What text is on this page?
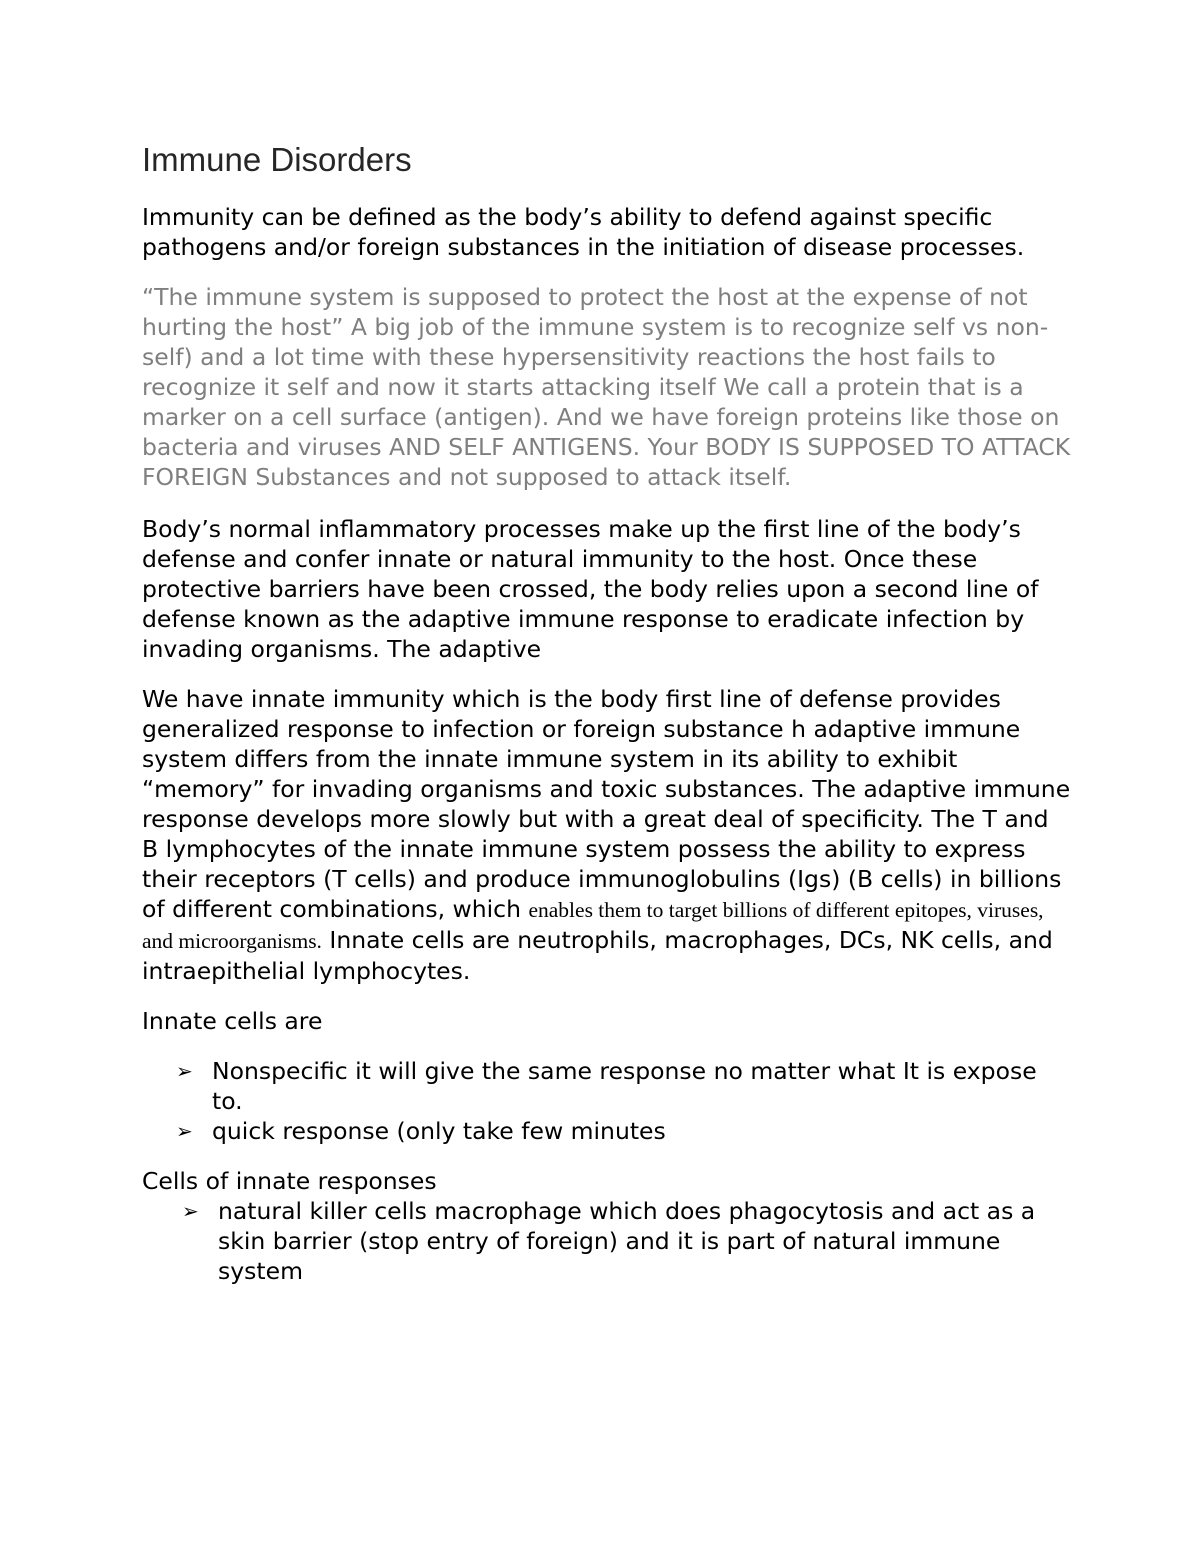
Immune Disorders

Immunity can be defined as the body’s ability to defend against specific pathogens and/or foreign substances in the initiation of disease processes.

“The immune system is supposed to protect the host at the expense of not hurting the host” A big job of the immune system is to recognize self vs non-self) and a lot time with these hypersensitivity reactions the host fails to recognize it self and now it starts attacking itself We call a protein that is a marker on a cell surface (antigen). And we have foreign proteins like those on bacteria and viruses AND SELF ANTIGENS. Your BODY IS SUPPOSED TO ATTACK FOREIGN Substances and not supposed to attack itself.

Body’s normal inflammatory processes make up the first line of the body’s defense and confer innate or natural immunity to the host. Once these protective barriers have been crossed, the body relies upon a second line of defense known as the adaptive immune response to eradicate infection by invading organisms. The adaptive

We have innate immunity which is the body first line of defense provides generalized response to infection or foreign substance h adaptive immune system differs from the innate immune system in its ability to exhibit “memory” for invading organisms and toxic substances. The adaptive immune response develops more slowly but with a great deal of specificity. The T and B lymphocytes of the innate immune system possess the ability to express their receptors (T cells) and produce immunoglobulins (Igs) (B cells) in billions of different combinations, which enables them to target billions of different epitopes, viruses, and microorganisms. Innate cells are neutrophils, macrophages, DCs, NK cells, and intraepithelial lymphocytes.

Innate cells are

➢ Nonspecific it will give the same response no matter what It is expose to.
➢ quick response (only take few minutes

Cells of innate responses

➢ natural killer cells macrophage which does phagocytosis and act as a skin barrier (stop entry of foreign) and it is part of natural immune system
